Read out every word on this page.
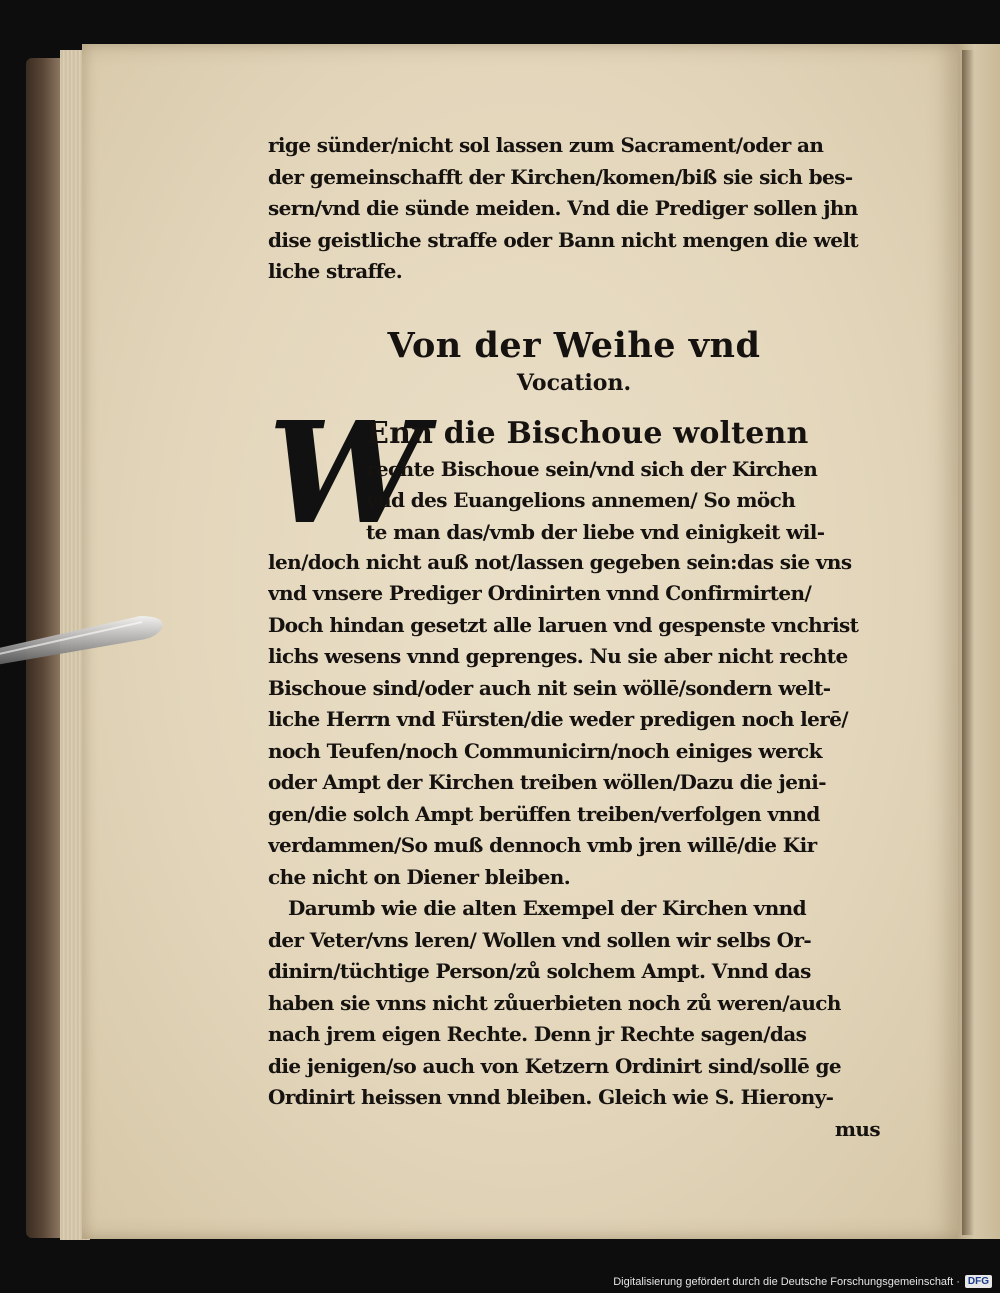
rige sünder/nicht sol lassen zum Sacrament/oder an
der gemeinschafft der Kirchen/komen/biß sie sich bes-
sern/vnd die sünde meiden. Vnd die Prediger sollen jhn
dise geistliche straffe oder Bann nicht mengen die welt
liche straffe.
Von der Weihe vnd
Vocation.
W
Enn die Bischoue woltenn
rechte Bischoue sein/vnd sich der Kirchen
vnd des Euangelions annemen/ So möch
te man das/vmb der liebe vnd einigkeit wil-
len/doch nicht auß not/lassen gegeben sein:das sie vns
vnd vnsere Prediger Ordinirten vnnd Confirmirten/
Doch hindan gesetzt alle laruen vnd gespenste vnchrist
lichs wesens vnnd geprenges. Nu sie aber nicht rechte
Bischoue sind/oder auch nit sein wöllē/sondern welt-
liche Herrn vnd Fürsten/die weder predigen noch lerē/
noch Teufen/noch Communicirn/noch einiges werck
oder Ampt der Kirchen treiben wöllen/Dazu die jeni-
gen/die solch Ampt berüffen treiben/verfolgen vnnd
verdammen/So muß dennoch vmb jren willē/die Kir
che nicht on Diener bleiben.
Darumb wie die alten Exempel der Kirchen vnnd
der Veter/vns leren/ Wollen vnd sollen wir selbs Or-
dinirn/tüchtige Person/zů solchem Ampt. Vnnd das
haben sie vnns nicht zůuerbieten noch zů weren/auch
nach jrem eigen Rechte. Denn jr Rechte sagen/das
die jenigen/so auch von Ketzern Ordinirt sind/sollē ge
Ordinirt heissen vnnd bleiben. Gleich wie S. Hierony-
mus
Digitalisierung gefördert durch die Deutsche Forschungsgemeinschaft · DFG
